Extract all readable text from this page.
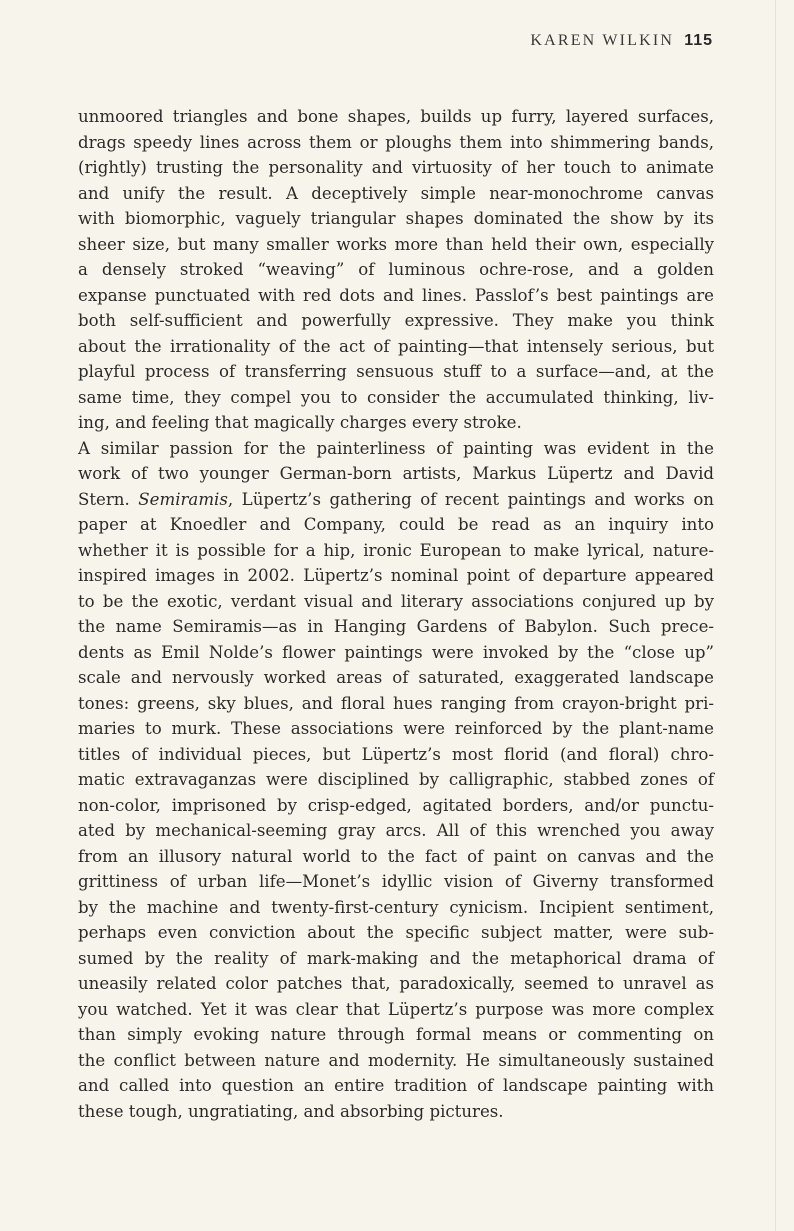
KAREN WILKIN 115
unmoored triangles and bone shapes, builds up furry, layered surfaces,
drags speedy lines across them or ploughs them into shimmering bands,
(rightly) trusting the personality and virtuosity of her touch to animate
and unify the result. A deceptively simple near-monochrome canvas
with biomorphic, vaguely triangular shapes dominated the show by its
sheer size, but many smaller works more than held their own, especially
a densely stroked “weaving” of luminous ochre-rose, and a golden
expanse punctuated with red dots and lines. Passlof’s best paintings are
both self-sufficient and powerfully expressive. They make you think
about the irrationality of the act of painting—that intensely serious, but
playful process of transferring sensuous stuff to a surface—and, at the
same time, they compel you to consider the accumulated thinking, liv-
ing, and feeling that magically charges every stroke.
A similar passion for the painterliness of painting was evident in the
work of two younger German-born artists, Markus Lüpertz and David
Stern. Semiramis, Lüpertz’s gathering of recent paintings and works on
paper at Knoedler and Company, could be read as an inquiry into
whether it is possible for a hip, ironic European to make lyrical, nature-
inspired images in 2002. Lüpertz’s nominal point of departure appeared
to be the exotic, verdant visual and literary associations conjured up by
the name Semiramis—as in Hanging Gardens of Babylon. Such prece-
dents as Emil Nolde’s flower paintings were invoked by the “close up”
scale and nervously worked areas of saturated, exaggerated landscape
tones: greens, sky blues, and floral hues ranging from crayon-bright pri-
maries to murk. These associations were reinforced by the plant-name
titles of individual pieces, but Lüpertz’s most florid (and floral) chro-
matic extravaganzas were disciplined by calligraphic, stabbed zones of
non-color, imprisoned by crisp-edged, agitated borders, and/or punctu-
ated by mechanical-seeming gray arcs. All of this wrenched you away
from an illusory natural world to the fact of paint on canvas and the
grittiness of urban life—Monet’s idyllic vision of Giverny transformed
by the machine and twenty-first-century cynicism. Incipient sentiment,
perhaps even conviction about the specific subject matter, were sub-
sumed by the reality of mark-making and the metaphorical drama of
uneasily related color patches that, paradoxically, seemed to unravel as
you watched. Yet it was clear that Lüpertz’s purpose was more complex
than simply evoking nature through formal means or commenting on
the conflict between nature and modernity. He simultaneously sustained
and called into question an entire tradition of landscape painting with
these tough, ungratiating, and absorbing pictures.
